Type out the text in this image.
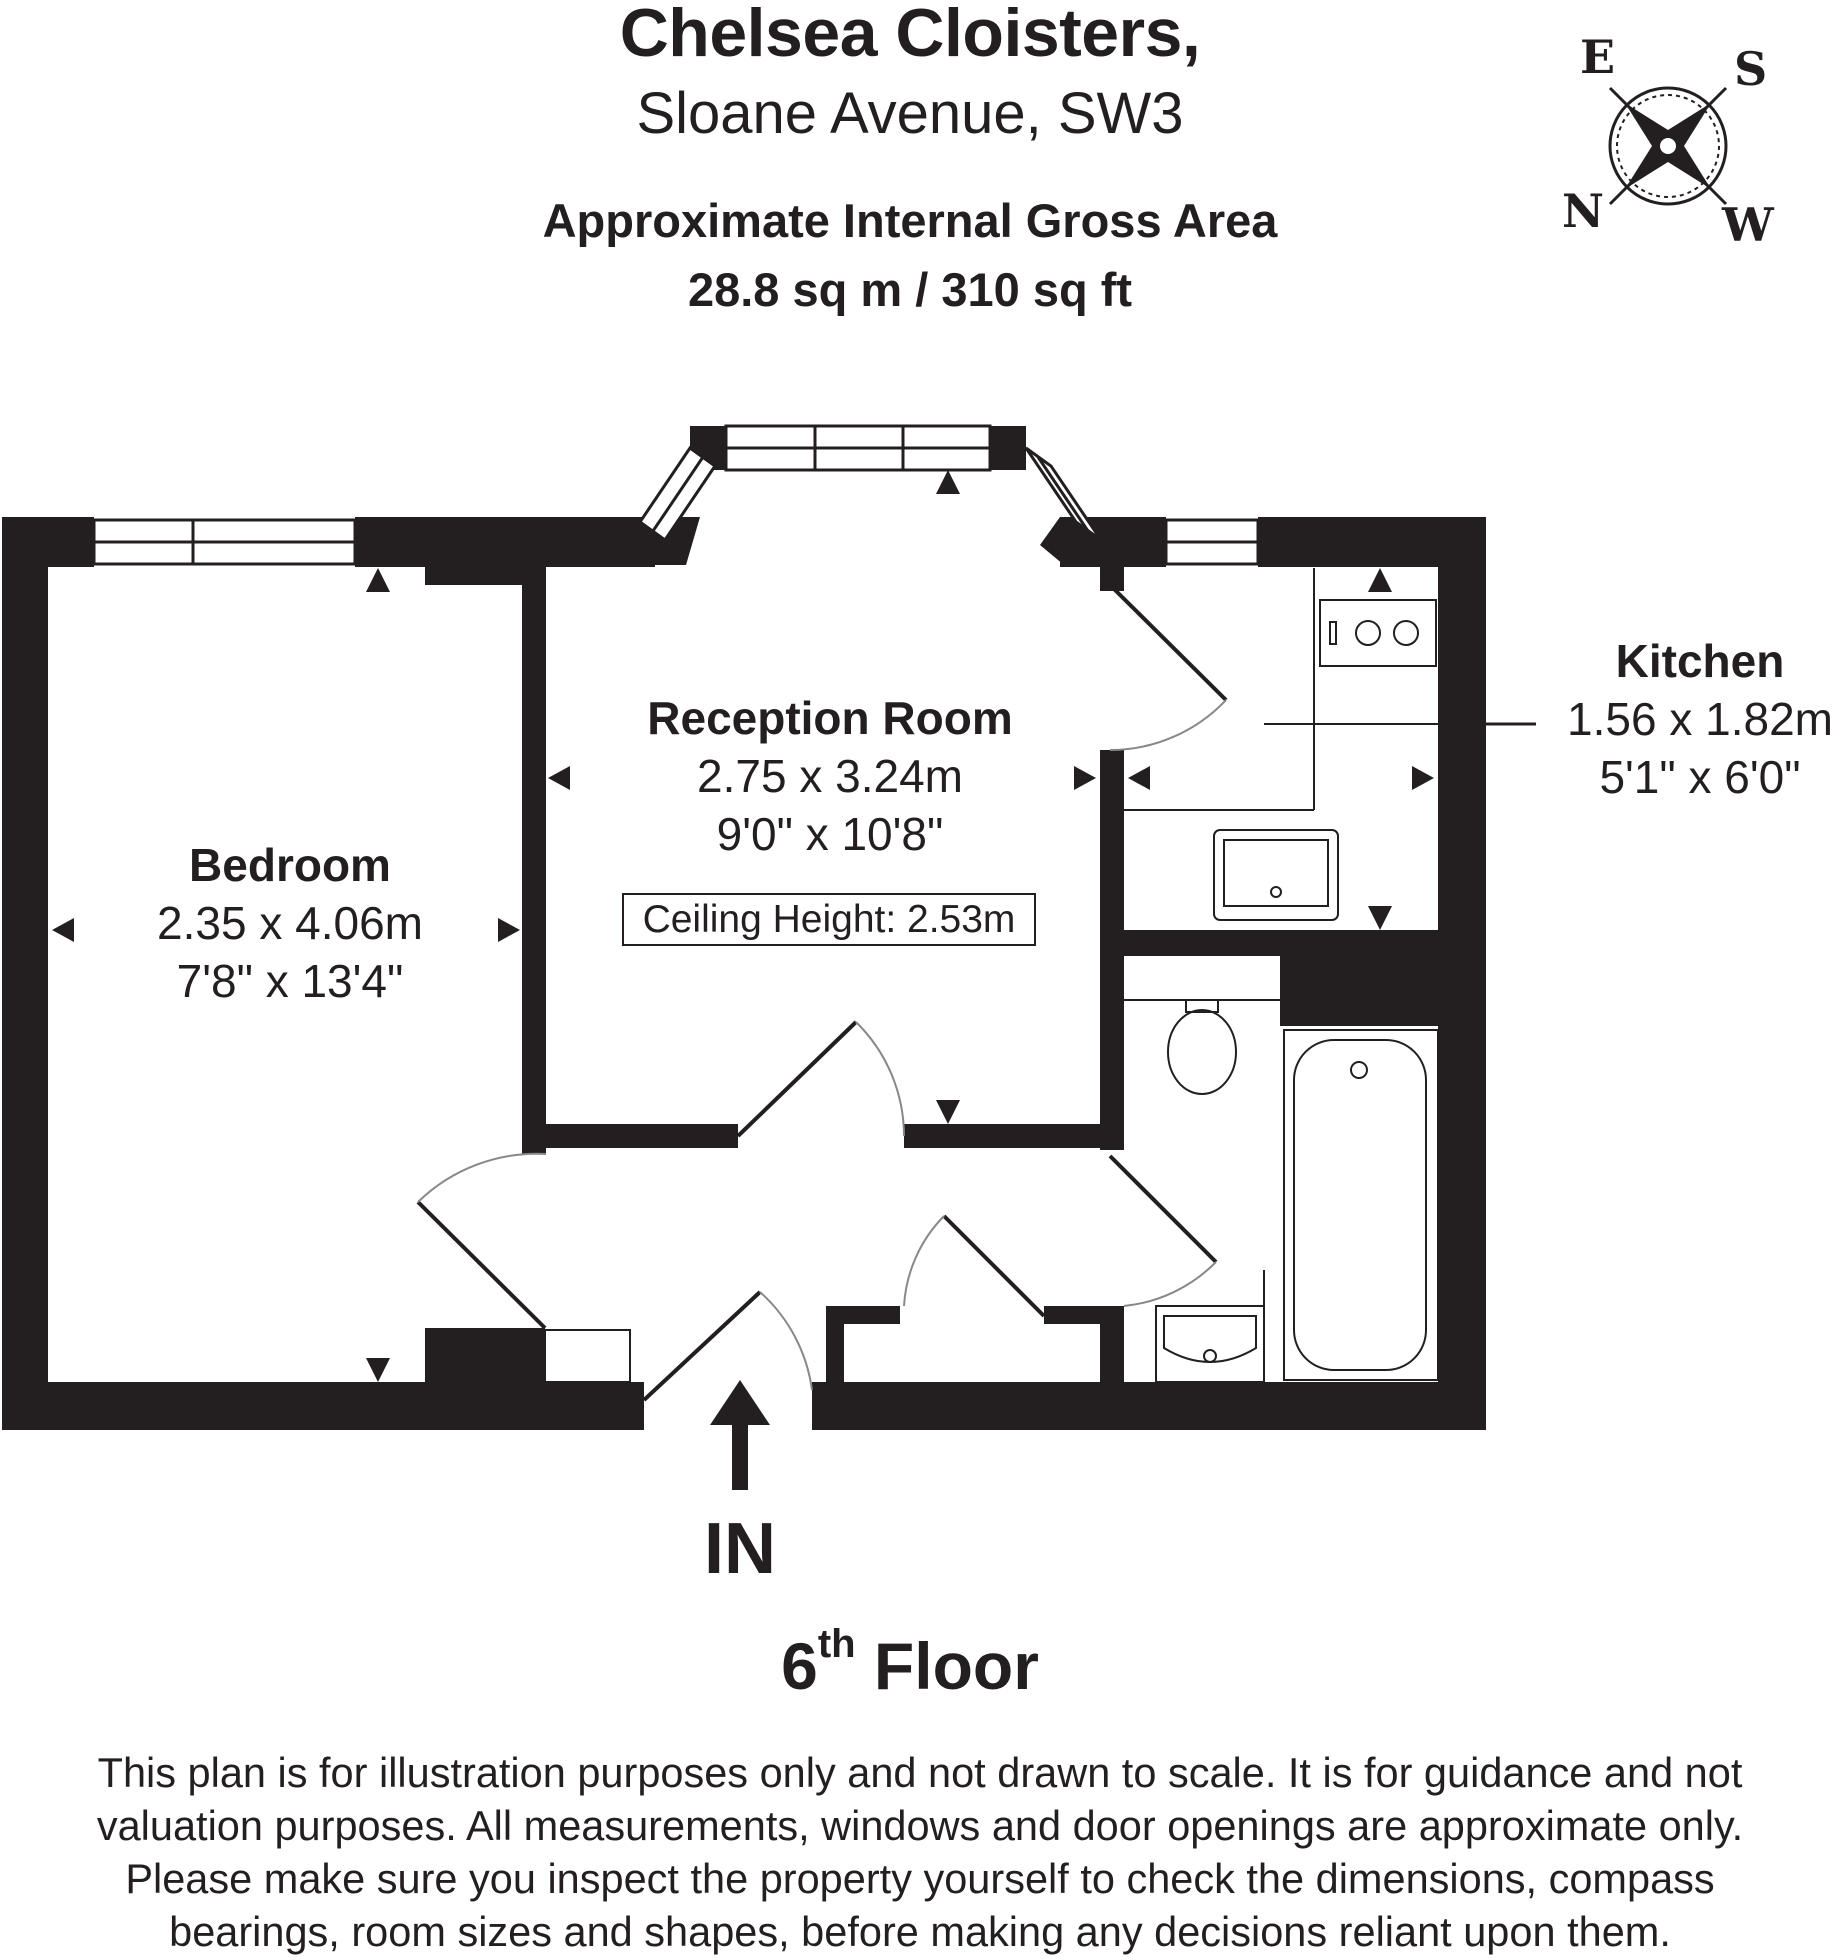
Chelsea Cloisters,
Sloane Avenue, SW3
Approximate Internal Gross Area
28.8 sq m / 310 sq ft
Bedroom
2.35 x 4.06m
7'8" x 13'4"
Reception Room
2.75 x 3.24m
9'0" x 10'8"
Ceiling Height: 2.53m
Kitchen
1.56 x 1.82m
5'1" x 6'0"
E	S
N	W
IN
6th Floor
This plan is for illustration purposes only and not drawn to scale. It is for guidance and not
valuation purposes. All measurements, windows and door openings are approximate only.
Please make sure you inspect the property yourself to check the dimensions, compass
bearings, room sizes and shapes, before making any decisions reliant upon them.
